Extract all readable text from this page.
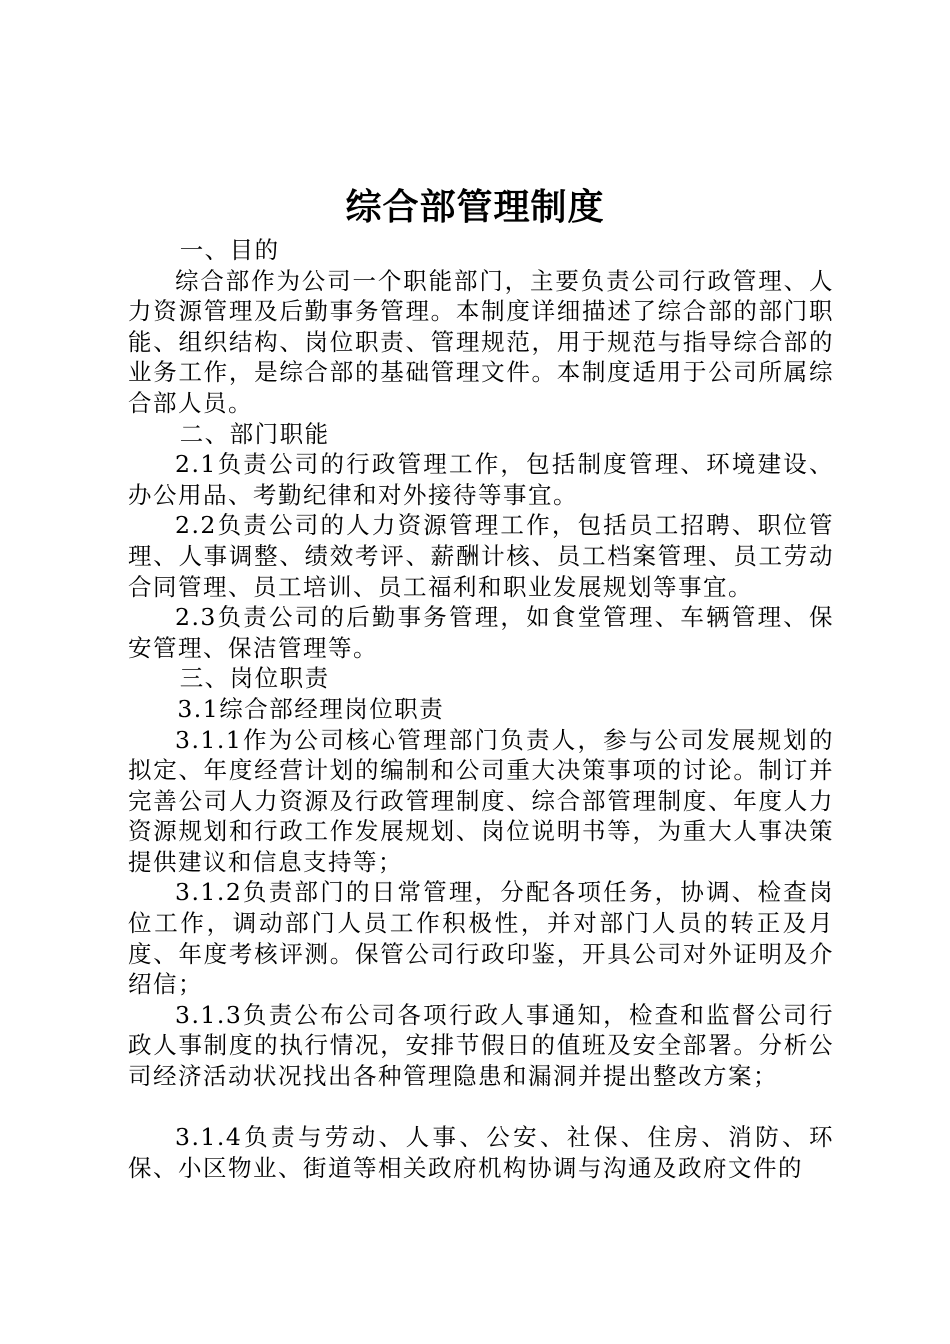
综合部管理制度

一、目的

综合部作为公司一个职能部门，主要负责公司行政管理、人力资源管理及后勤事务管理。本制度详细描述了综合部的部门职能、组织结构、岗位职责、管理规范，用于规范与指导综合部的业务工作，是综合部的基础管理文件。本制度适用于公司所属综合部人员。

二、部门职能

2.1负责公司的行政管理工作，包括制度管理、环境建设、办公用品、考勤纪律和对外接待等事宜。

2.2负责公司的人力资源管理工作，包括员工招聘、职位管理、人事调整、绩效考评、薪酬计核、员工档案管理、员工劳动合同管理、员工培训、员工福利和职业发展规划等事宜。

2.3负责公司的后勤事务管理，如食堂管理、车辆管理、保安管理、保洁管理等。

三、岗位职责

3.1综合部经理岗位职责

3.1.1作为公司核心管理部门负责人，参与公司发展规划的拟定、年度经营计划的编制和公司重大决策事项的讨论。制订并完善公司人力资源及行政管理制度、综合部管理制度、年度人力资源规划和行政工作发展规划、岗位说明书等，为重大人事决策提供建议和信息支持等；

3.1.2负责部门的日常管理，分配各项任务，协调、检查岗位工作，调动部门人员工作积极性，并对部门人员的转正及月度、年度考核评测。保管公司行政印鉴，开具公司对外证明及介绍信；

3.1.3负责公布公司各项行政人事通知，检查和监督公司行政人事制度的执行情况，安排节假日的值班及安全部署。分析公司经济活动状况找出各种管理隐患和漏洞并提出整改方案；

3.1.4负责与劳动、人事、公安、社保、住房、消防、环保、小区物业、街道等相关政府机构协调与沟通及政府文件的
